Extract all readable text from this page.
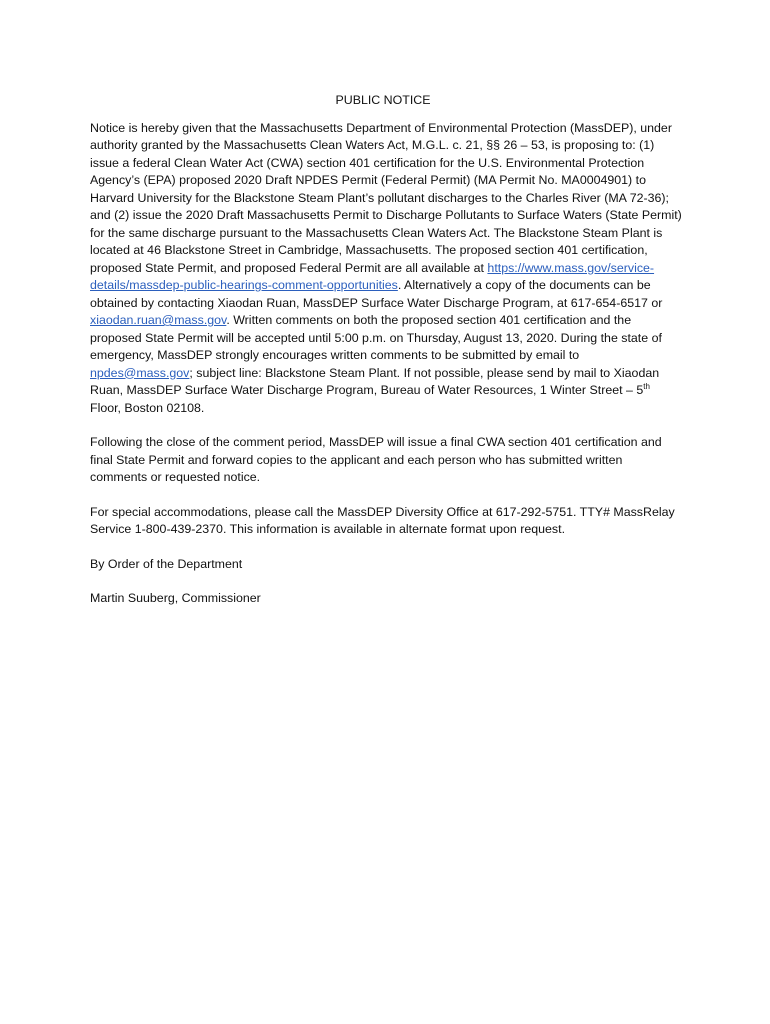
PUBLIC NOTICE

Notice is hereby given that the Massachusetts Department of Environmental Protection (MassDEP), under authority granted by the Massachusetts Clean Waters Act, M.G.L. c. 21, §§ 26 – 53, is proposing to: (1) issue a federal Clean Water Act (CWA) section 401 certification for the U.S. Environmental Protection Agency’s (EPA) proposed 2020 Draft NPDES Permit (Federal Permit) (MA Permit No. MA0004901) to Harvard University for the Blackstone Steam Plant’s pollutant discharges to the Charles River (MA 72-36); and (2) issue the 2020 Draft Massachusetts Permit to Discharge Pollutants to Surface Waters (State Permit) for the same discharge pursuant to the Massachusetts Clean Waters Act. The Blackstone Steam Plant is located at 46 Blackstone Street in Cambridge, Massachusetts. The proposed section 401 certification, proposed State Permit, and proposed Federal Permit are all available at https://www.mass.gov/service-details/massdep-public-hearings-comment-opportunities. Alternatively a copy of the documents can be obtained by contacting Xiaodan Ruan, MassDEP Surface Water Discharge Program, at 617-654-6517 or xiaodan.ruan@mass.gov. Written comments on both the proposed section 401 certification and the proposed State Permit will be accepted until 5:00 p.m. on Thursday, August 13, 2020. During the state of emergency, MassDEP strongly encourages written comments to be submitted by email to npdes@mass.gov; subject line: Blackstone Steam Plant. If not possible, please send by mail to Xiaodan Ruan, MassDEP Surface Water Discharge Program, Bureau of Water Resources, 1 Winter Street – 5th Floor, Boston 02108.

Following the close of the comment period, MassDEP will issue a final CWA section 401 certification and final State Permit and forward copies to the applicant and each person who has submitted written comments or requested notice.

For special accommodations, please call the MassDEP Diversity Office at 617-292-5751. TTY# MassRelay Service 1-800-439-2370. This information is available in alternate format upon request.

By Order of the Department

Martin Suuberg, Commissioner
